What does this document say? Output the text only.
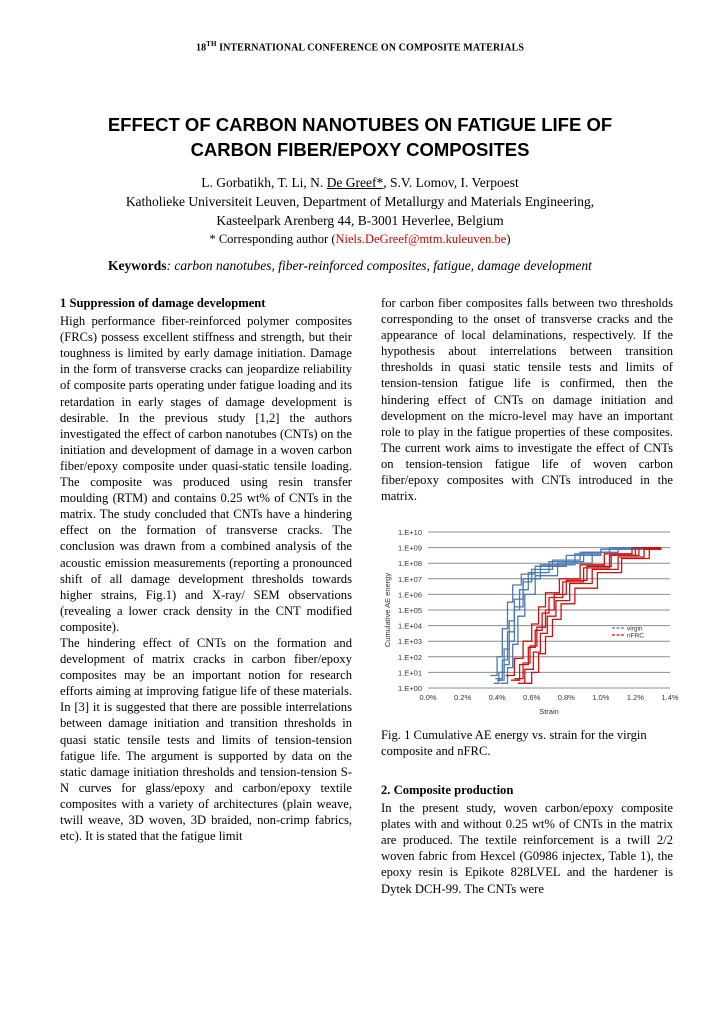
18TH INTERNATIONAL CONFERENCE ON COMPOSITE MATERIALS
EFFECT OF CARBON NANOTUBES ON FATIGUE LIFE OF
CARBON FIBER/EPOXY COMPOSITES
L. Gorbatikh, T. Li, N. De Greef*, S.V. Lomov, I. Verpoest
Katholieke Universiteit Leuven, Department of Metallurgy and Materials Engineering,
Kasteelpark Arenberg 44, B-3001 Heverlee, Belgium
* Corresponding author (Niels.DeGreef@mtm.kuleuven.be)
Keywords: carbon nanotubes, fiber-reinforced composites, fatigue, damage development

1 Suppression of damage development

High performance fiber-reinforced polymer composites (FRCs) possess excellent stiffness and strength, but their toughness is limited by early damage initiation. Damage in the form of transverse cracks can jeopardize reliability of composite parts operating under fatigue loading and its retardation in early stages of damage development is desirable. In the previous study [1,2] the authors investigated the effect of carbon nanotubes (CNTs) on the initiation and development of damage in a woven carbon fiber/epoxy composite under quasi-static tensile loading. The composite was produced using resin transfer moulding (RTM) and contains 0.25 wt% of CNTs in the matrix. The study concluded that CNTs have a hindering effect on the formation of transverse cracks. The conclusion was drawn from a combined analysis of the acoustic emission measurements (reporting a pronounced shift of all damage development thresholds towards higher strains, Fig.1) and X-ray/ SEM observations (revealing a lower crack density in the CNT modified composite).

The hindering effect of CNTs on the formation and development of matrix cracks in carbon fiber/epoxy composites may be an important notion for research efforts aiming at improving fatigue life of these materials. In [3] it is suggested that there are possible interrelations between damage initiation and transition thresholds in quasi static tensile tests and limits of tension-tension fatigue life. The argument is supported by data on the static damage initiation thresholds and tension-tension S-N curves for glass/epoxy and carbon/epoxy textile composites with a variety of architectures (plain weave, twill weave, 3D woven, 3D braided, non-crimp fabrics, etc). It is stated that the fatigue limit

for carbon fiber composites falls between two thresholds corresponding to the onset of transverse cracks and the appearance of local delaminations, respectively. If the hypothesis about interrelations between transition thresholds in quasi static tensile tests and limits of tension-tension fatigue life is confirmed, then the hindering effect of CNTs on damage initiation and development on the micro-level may have an important role to play in the fatigue properties of these composites. The current work aims to investigate the effect of CNTs on tension-tension fatigue life of woven carbon fiber/epoxy composites with CNTs introduced in the matrix.

1.E+00
1.E+01
1.E+02
1.E+03
1.E+04
1.E+05
1.E+06
1.E+07
1.E+08
1.E+09
1.E+10
0.0% 0.2% 0.4% 0.6% 0.8% 1.0% 1.2% 1.4%
Strain
Cumulative AE energy	virgin
nFRC
Fig. 1 Cumulative AE energy vs. strain for the virgin composite and nFRC.

2. Composite production

In the present study, woven carbon/epoxy composite plates with and without 0.25 wt% of CNTs in the matrix are produced. The textile reinforcement is a twill 2/2 woven fabric from Hexcel (G0986 injectex, Table 1), the epoxy resin is Epikote 828LVEL and the hardener is Dytek DCH-99. The CNTs were
